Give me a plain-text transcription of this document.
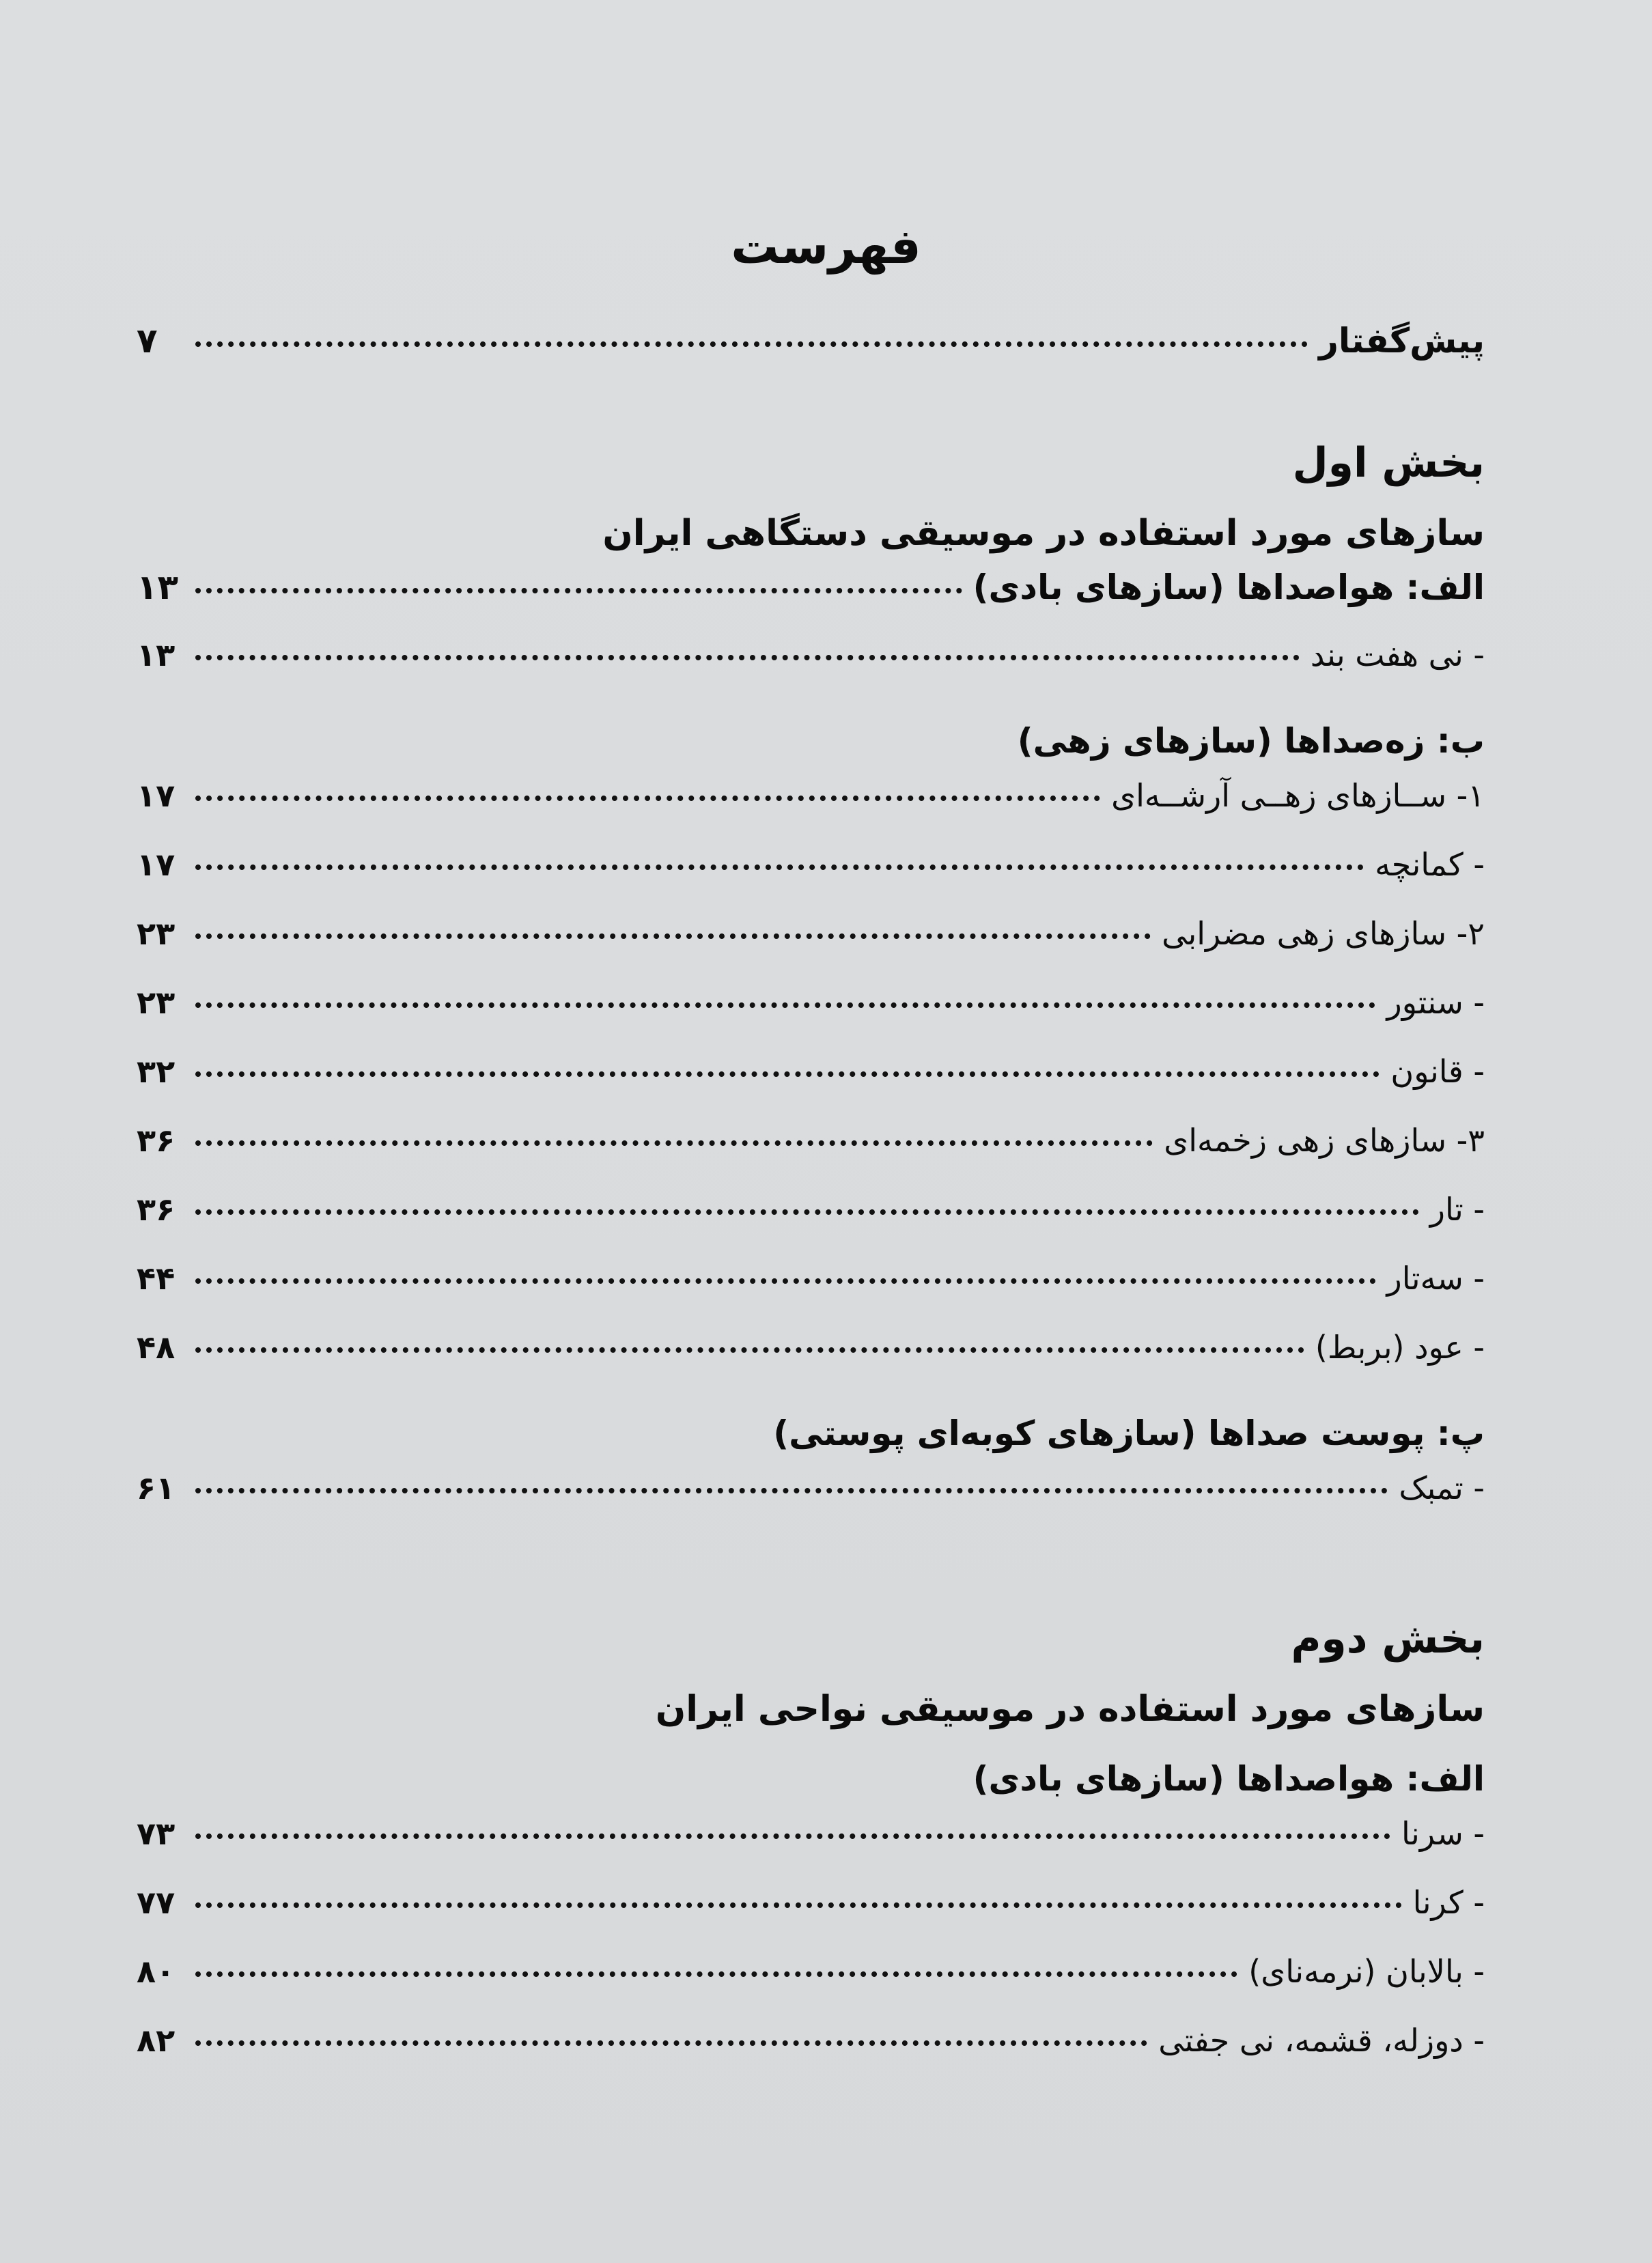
فهرست
پیش‌گفتار
۷
بخش اول
سازهای مورد استفاده در موسیقی دستگاهی ایران
الف: هواصداها (سازهای بادی)
۱۳
- نی هفت بند
۱۳
ب: زه‌صداها (سازهای زهی)
۱- ســازهای زهــی آرشــه‌ای
۱۷
- کمانچه
۱۷
۲- سازهای زهی مضرابی
۲۳
- سنتور
۲۳
- قانون
۳۲
۳- سازهای زهی زخمه‌ای
۳۶
- تار
۳۶
- سه‌تار
۴۴
- عود (بربط)
۴۸
پ: پوست صداها (سازهای کوبه‌ای پوستی)
- تمبک
۶۱
بخش دوم
سازهای مورد استفاده در موسیقی نواحی ایران
الف: هواصداها (سازهای بادی)
- سرنا
۷۳
- کرنا
۷۷
- بالابان (نرمه‌نای)
۸۰
- دوزله، قشمه، نی جفتی
۸۲
